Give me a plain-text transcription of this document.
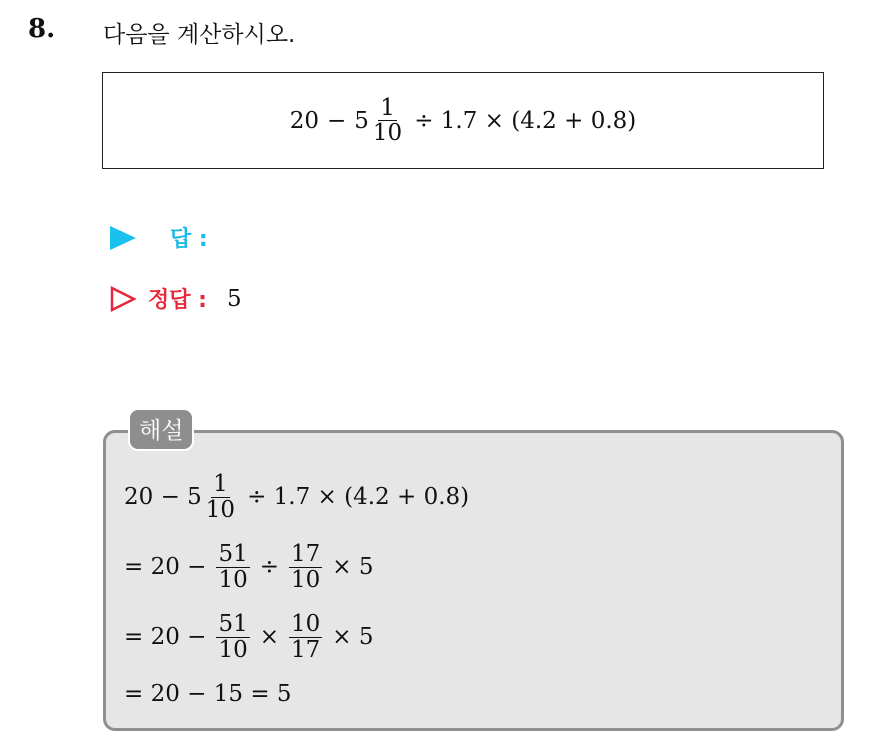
8. 다음을 계산하시오.
$20 - 5 \frac{1}{10} \div 1.7 \times (4.2 + 0.8)$
답 :
정답 : 5
해설
$20 - 5 \frac{1}{10} \div 1.7 \times (4.2 + 0.8)$
= $20 - \frac{51}{10} \div \frac{17}{10} \times 5$
= $20 - \frac{51}{10} \times \frac{10}{17} \times 5$
= 20 − 15 = 5
